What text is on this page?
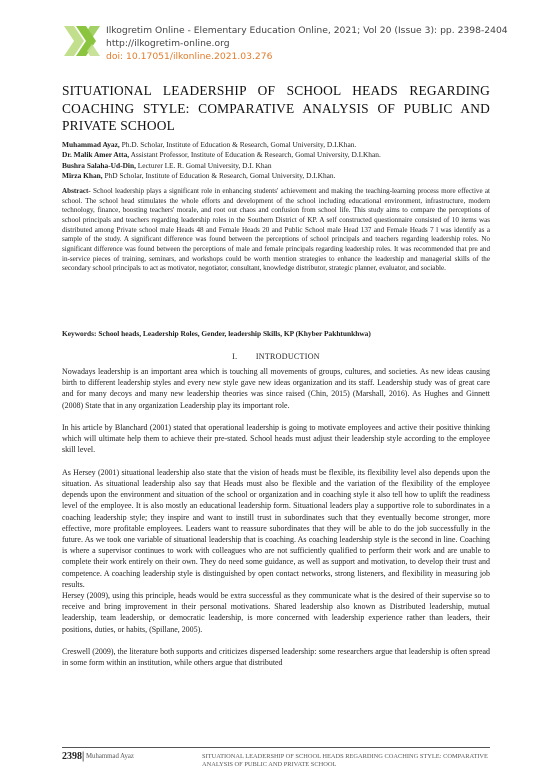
Ilkogretim Online - Elementary Education Online, 2021; Vol 20 (Issue 3): pp. 2398-2404
http://ilkogretim-online.org
doi: 10.17051/ilkonline.2021.03.276
SITUATIONAL LEADERSHIP OF SCHOOL HEADS REGARDING
COACHING STYLE: COMPARATIVE ANALYSIS OF PUBLIC AND
PRIVATE SCHOOL
Muhammad Ayaz, Ph.D. Scholar, Institute of Education & Research, Gomal University, D.I.Khan.
Dr. Malik Amer Atta, Assistant Professor, Institute of Education & Research, Gomal University, D.I.Khan.
Bushra Salaha-Ud-Din, Lecturer I.E. R. Gomal University, D.I. Khan
Mirza Khan, PhD Scholar, Institute of Education & Research, Gomal University, D.I.Khan.
Abstract- School leadership plays a significant role in enhancing students' achievement and making the teaching-learning process more effective at school. The school head stimulates the whole efforts and development of the school including educational environment, infrastructure, modern technology, finance, boosting teachers' morale, and root out chaos and confusion from school life. This study aims to compare the perceptions of school principals and teachers regarding leadership roles in the Southern District of KP. A self constructed questionnaire consisted of 10 items was distributed among Private school male Heads 48 and Female Heads 20 and Public School male Head 137 and Female Heads 7 l was identify as a sample of the study. A significant difference was found between the perceptions of school principals and teachers regarding leadership roles. No significant difference was found between the perceptions of male and female principals regarding leadership roles. It was recommended that pre and in-service pieces of training, seminars, and workshops could be worth mention strategies to enhance the leadership and managerial skills of the secondary school principals to act as motivator, negotiator, consultant, knowledge distributor, strategic planner, evaluator, and sociable.
Keywords: School heads, Leadership Roles, Gender, leadership Skills, KP (Khyber Pakhtunkhwa)
I. INTRODUCTION

Nowadays leadership is an important area which is touching all movements of groups, cultures, and societies. As new ideas causing birth to different leadership styles and every new style gave new ideas organization and its staff. Leadership study was of great care and for many decoys and many new leadership theories was since raised (Chin, 2015) (Marshall, 2016). As Hughes and Ginnett (2008) State that in any organization Leadership play its important role.

In his article by Blanchard (2001) stated that operational leadership is going to motivate employees and active their positive thinking which will ultimate help them to achieve their pre-stated. School heads must adjust their leadership style according to the employee skill level.

As Hersey (2001) situational leadership also state that the vision of heads must be flexible, its flexibility level also depends upon the situation. As situational leadership also say that Heads must also be flexible and the variation of the flexibility of the employee depends upon the environment and situation of the school or organization and in coaching style it also tell how to uplift the readiness level of the employee. It is also mostly an educational leadership form. Situational leaders play a supportive role to subordinates in a coaching leadership style; they inspire and want to instill trust in subordinates such that they eventually become stronger, more effective, more profitable employees. Leaders want to reassure subordinates that they will be able to do the job successfully in the future. As we took one variable of situational leadership that is coaching. As coaching leadership style is the second in line. Coaching is where a supervisor continues to work with colleagues who are not sufficiently qualified to perform their work and are unable to complete their work entirely on their own. They do need some guidance, as well as support and motivation, to develop their trust and competence. A coaching leadership style is distinguished by open contact networks, strong listeners, and flexibility in measuring job results.

Hersey (2009), using this principle, heads would be extra successful as they communicate what is the desired of their supervise so to receive and bring improvement in their personal motivations. Shared leadership also known as Distributed leadership, mutual leadership, team leadership, or democratic leadership, is more concerned with leadership experience rather than leaders, their positions, duties, or habits, (Spillane, 2005).

Creswell (2009), the literature both supports and criticizes dispersed leadership: some researchers argue that leadership is often spread in some form within an institution, while others argue that distributed

2398| Muhammad Ayaz	SITUATIONAL LEADERSHIP OF SCHOOL HEADS REGARDING COACHING STYLE: COMPARATIVE ANALYSIS OF PUBLIC AND PRIVATE SCHOOL
